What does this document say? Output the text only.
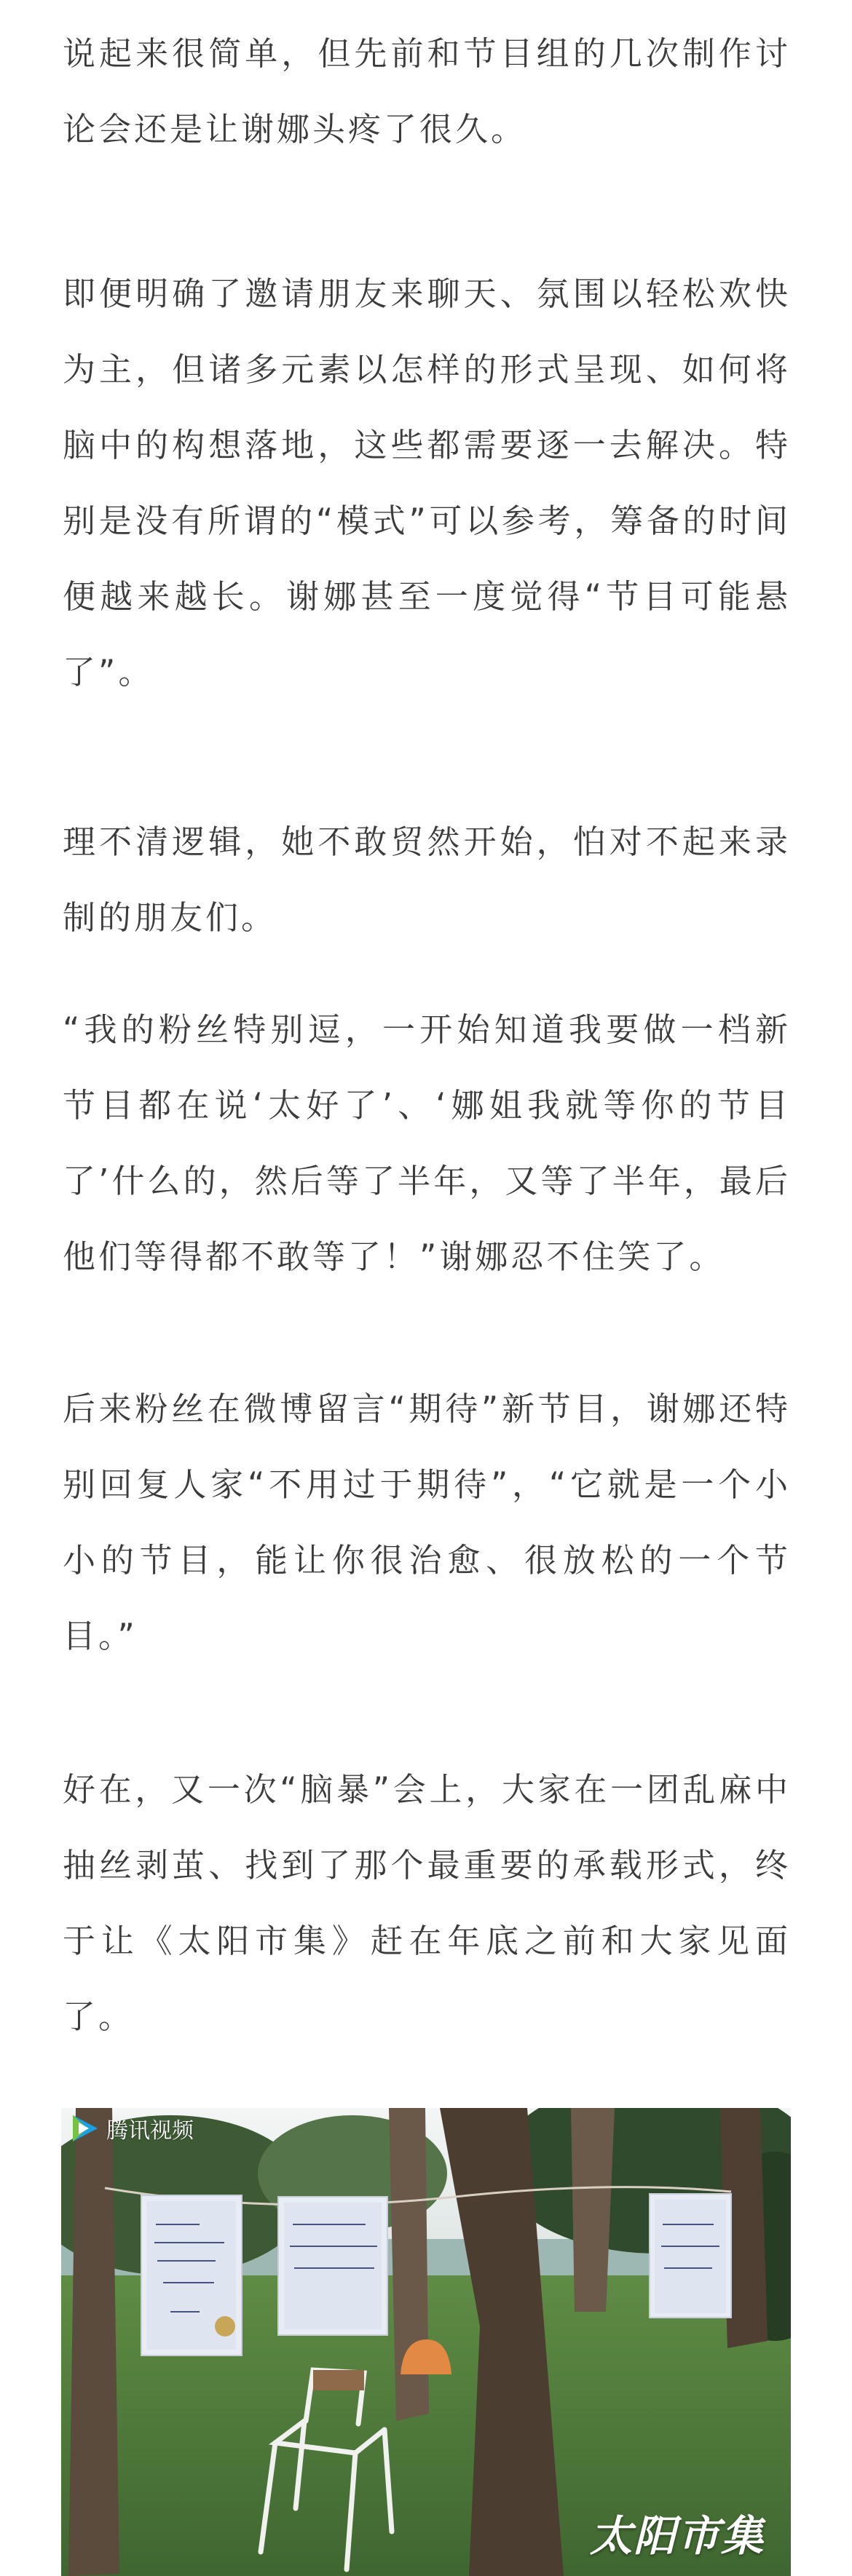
说起来很简单，但先前和节目组的几次制作讨论会还是让谢娜头疼了很久。

即便明确了邀请朋友来聊天、氛围以轻松欢快为主，但诸多元素以怎样的形式呈现、如何将脑中的构想落地，这些都需要逐一去解决。特别是没有所谓的“模式”可以参考，筹备的时间便越来越长。谢娜甚至一度觉得“节目可能悬了”。

理不清逻辑，她不敢贸然开始，怕对不起来录制的朋友们。

“我的粉丝特别逗，一开始知道我要做一档新节目都在说‘太好了’、‘娜姐我就等你的节目了’什么的，然后等了半年，又等了半年，最后他们等得都不敢等了！”谢娜忍不住笑了。

后来粉丝在微博留言“期待”新节目，谢娜还特别回复人家“不用过于期待”，“它就是一个小小的节目，能让你很治愈、很放松的一个节目。”

好在，又一次“脑暴”会上，大家在一团乱麻中抽丝剥茧、找到了那个最重要的承载形式，终于让《太阳市集》赶在年底之前和大家见面了。

腾讯视频
太阳市集
